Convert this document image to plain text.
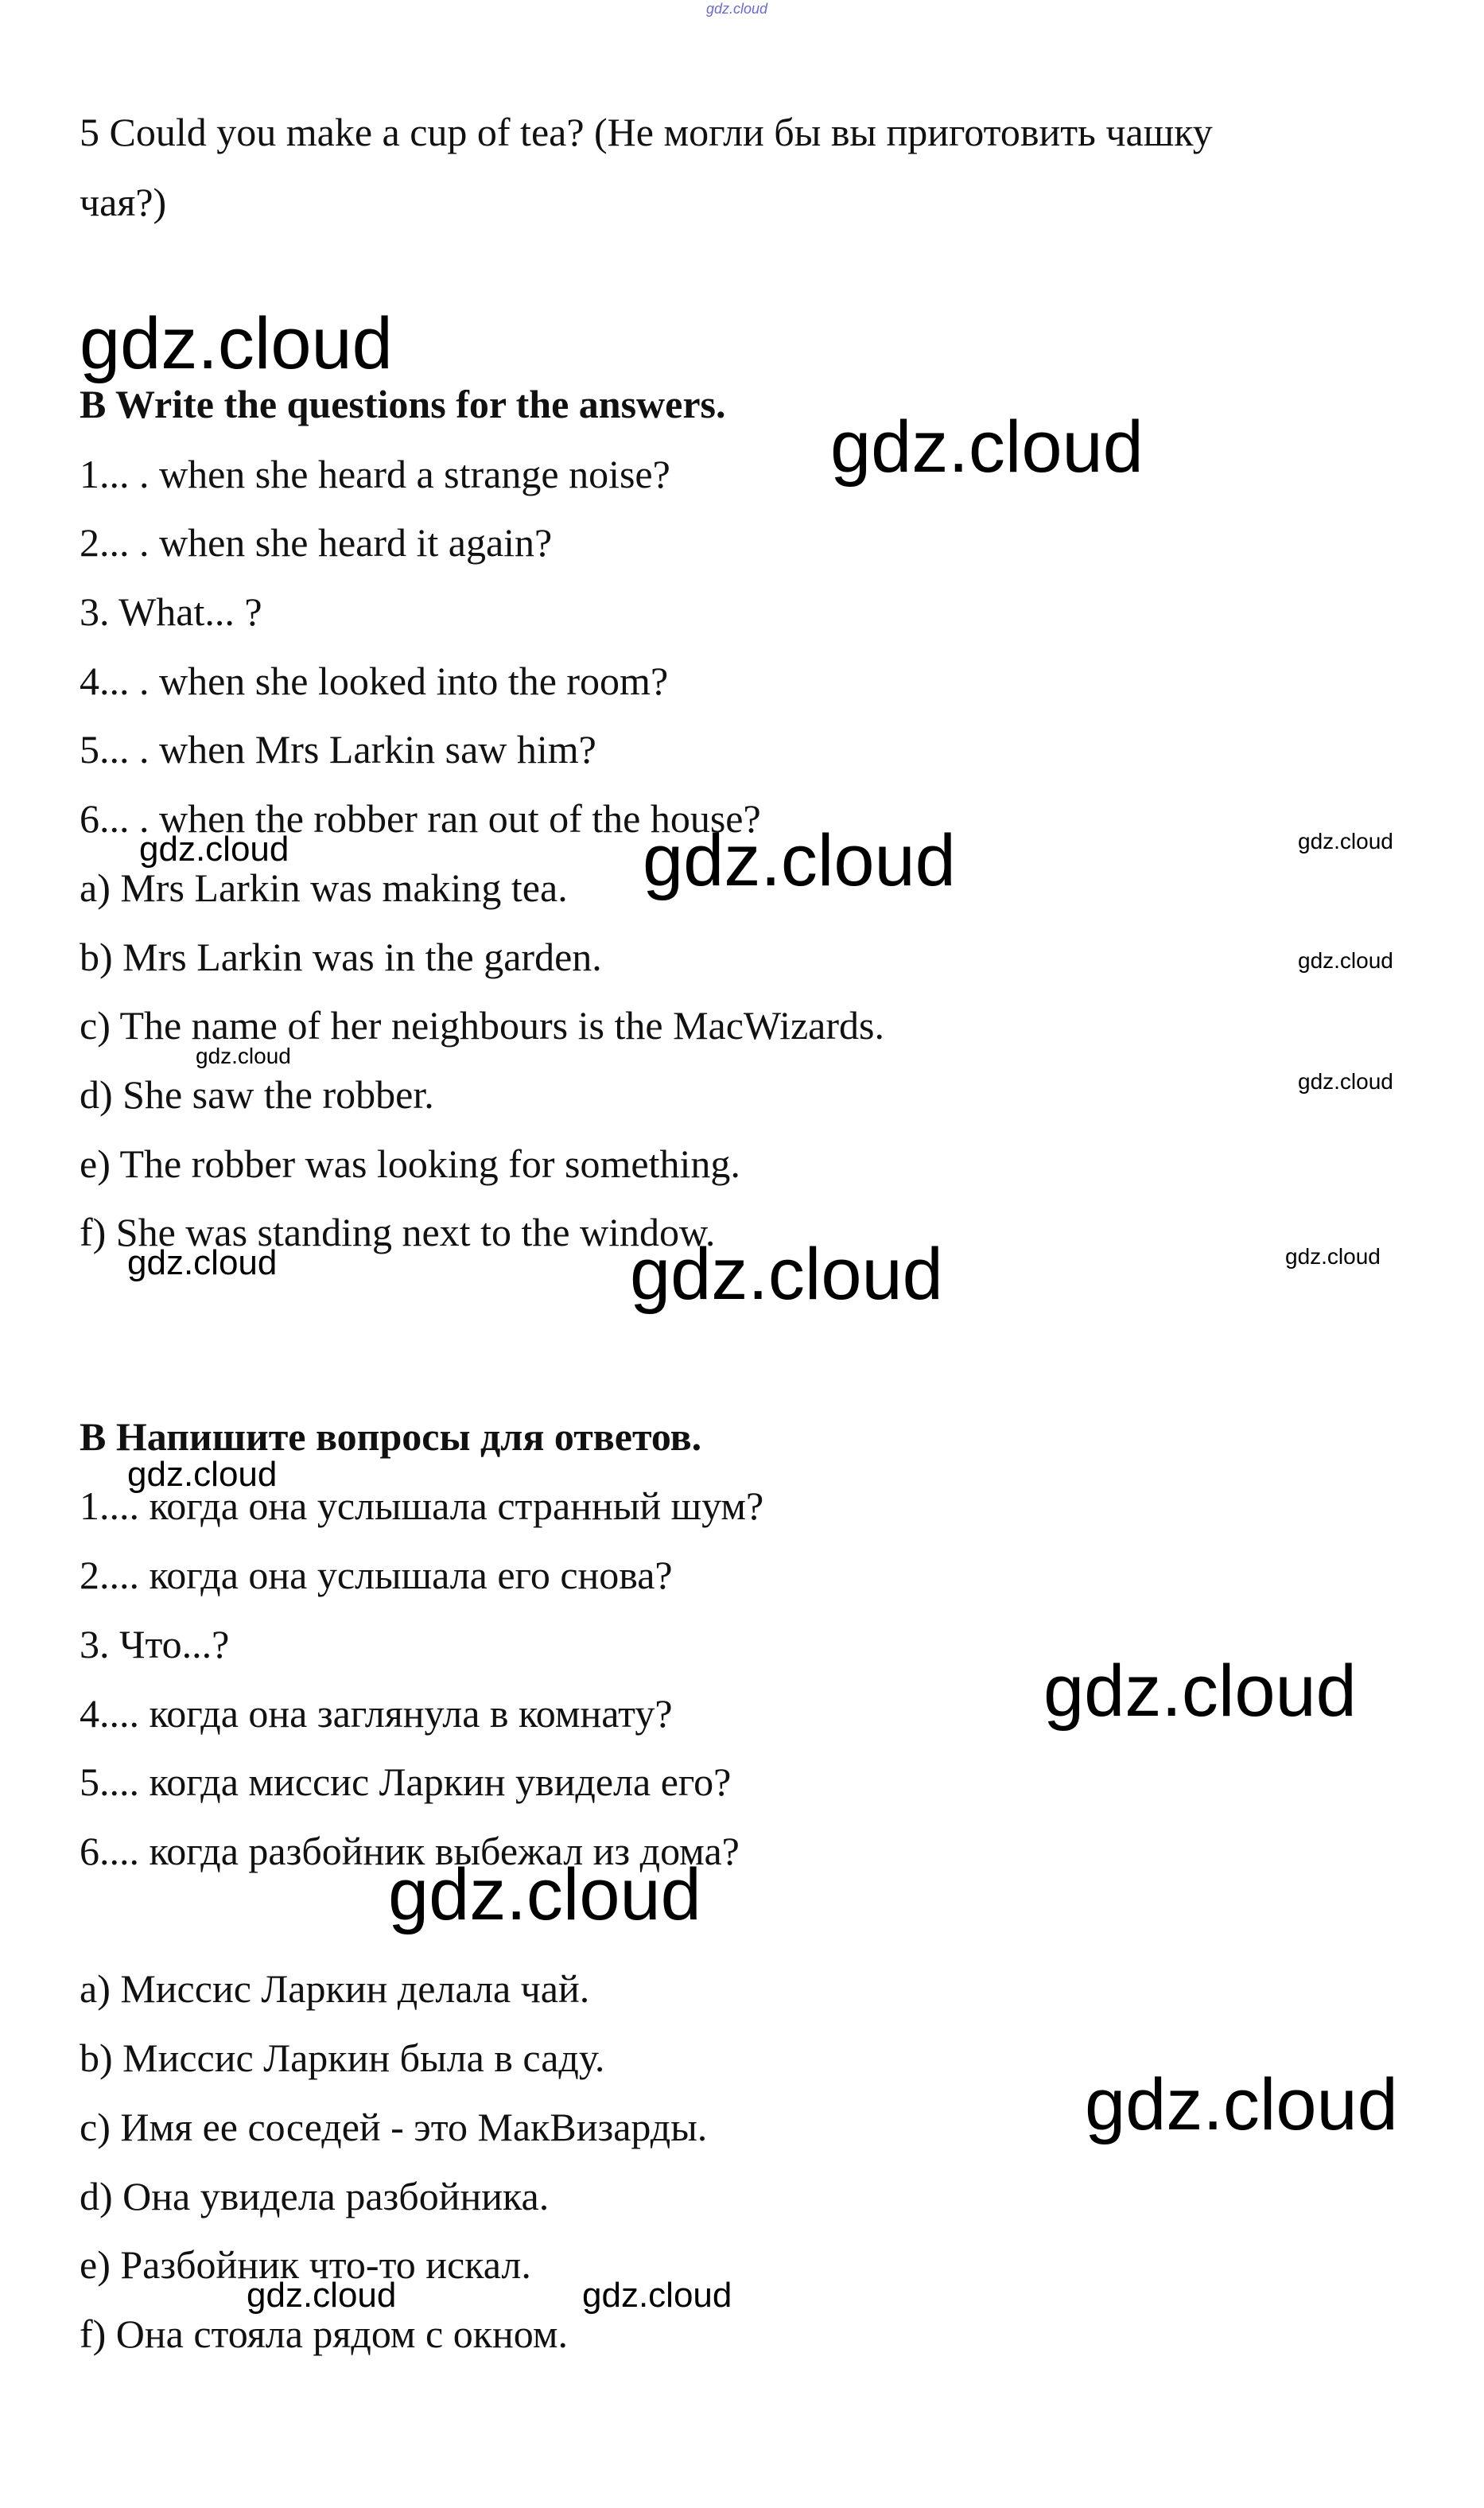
gdz.cloud
5 Could you make a cup of tea? (Не могли бы вы приготовить чашку
чая?)
B Write the questions for the answers.
1... . when she heard a strange noise?
2... . when she heard it again?
3. What... ?
4... . when she looked into the room?
5... . when Mrs Larkin saw him?
6... . when the robber ran out of the house?
a) Mrs Larkin was making tea.
b) Mrs Larkin was in the garden.
c) The name of her neighbours is the MacWizards.
d) She saw the robber.
e) The robber was looking for something.
f) She was standing next to the window.
В Напишите вопросы для ответов.
1.... когда она услышала странный шум?
2.... когда она услышала его снова?
3. Что...?
4.... когда она заглянула в комнату?
5.... когда миссис Ларкин увидела его?
6.... когда разбойник выбежал из дома?
a) Миссис Ларкин делала чай.
b) Миссис Ларкин была в саду.
c) Имя ее соседей - это МакВизарды.
d) Она увидела разбойника.
e) Разбойник что-то искал.
f) Она стояла рядом с окном.
gdz.cloud
gdz.cloud
gdz.cloud
gdz.cloud	gdz.cloud
gdz.cloud
gdz.cloud
gdz.cloud
gdz.cloud	gdz.cloud	gdz.cloud
gdz.cloud
gdz.cloud
gdz.cloud
gdz.cloud
gdz.cloud	gdz.cloud
